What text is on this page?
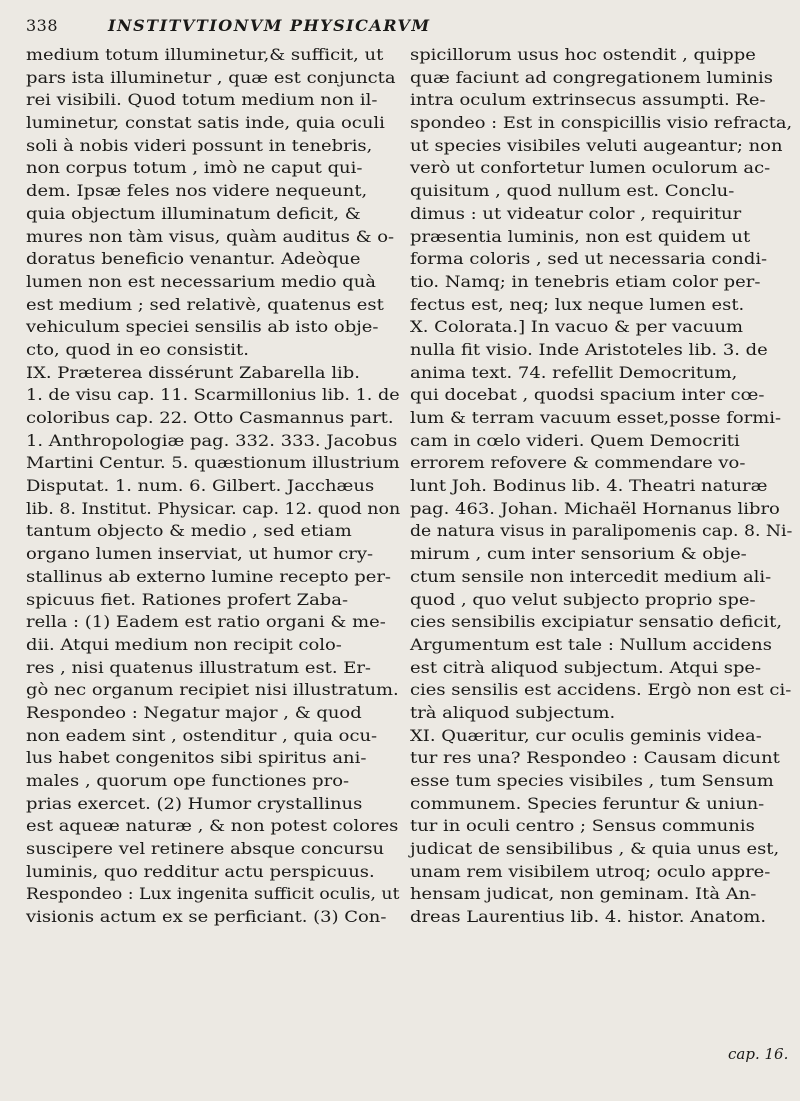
338	INSTITVTIONVM PHYSICARVM
medium totum illuminetur,& sufficit, ut
pars ista illuminetur , quæ est conjuncta
rei visibili. Quod totum medium non il-
luminetur, constat satis inde, quia oculi
soli à nobis videri possunt in tenebris,
non corpus totum , imò ne caput qui-
dem. Ipsæ feles nos videre nequeunt,
quia objectum illuminatum deficit, &
mures non tàm visus, quàm auditus & o-
doratus beneficio venantur. Adeòque
lumen non est necessarium medio quà
est medium ; sed relativè, quatenus est
vehiculum speciei sensilis ab isto obje-
cto, quod in eo consistit.
IX. Præterea dissérunt Zabarella lib.
1. de visu cap. 11. Scarmillonius lib. 1. de
coloribus cap. 22. Otto Casmannus part.
1. Anthropologiæ pag. 332. 333. Jacobus
Martini Centur. 5. quæstionum illustrium
Disputat. 1. num. 6. Gilbert. Jacchæus
lib. 8. Institut. Physicar. cap. 12. quod non
tantum objecto & medio , sed etiam
organo lumen inserviat, ut humor cry-
stallinus ab externo lumine recepto per-
spicuus fiet. Rationes profert Zaba-
rella : (1) Eadem est ratio organi & me-
dii. Atqui medium non recipit colo-
res , nisi quatenus illustratum est. Er-
gò nec organum recipiet nisi illustratum.
Respondeo : Negatur major , & quod
non eadem sint , ostenditur , quia ocu-
lus habet congenitos sibi spiritus ani-
males , quorum ope functiones pro-
prias exercet. (2) Humor crystallinus
est aqueæ naturæ , & non potest colores
suscipere vel retinere absque concursu
luminis, quo redditur actu perspicuus.
Respondeo : Lux ingenita sufficit oculis, ut
visionis actum ex se perficiant. (3) Con-
spicillorum usus hoc ostendit , quippe
quæ faciunt ad congregationem luminis
intra oculum extrinsecus assumpti. Re-
spondeo : Est in conspicillis visio refracta,
ut species visibiles veluti augeantur; non
verò ut confortetur lumen oculorum ac-
quisitum , quod nullum est. Conclu-
dimus : ut videatur color , requiritur
præsentia luminis, non est quidem ut
forma coloris , sed ut necessaria condi-
tio. Namq; in tenebris etiam color per-
fectus est, neq; lux neque lumen est.
X. Colorata.] In vacuo & per vacuum
nulla fit visio. Inde Aristoteles lib. 3. de
anima text. 74. refellit Democritum,
qui docebat , quodsi spacium inter cœ-
lum & terram vacuum esset,posse formi-
cam in cœlo videri. Quem Democriti
errorem refovere & commendare vo-
lunt Joh. Bodinus lib. 4. Theatri naturæ
pag. 463. Johan. Michaël Hornanus libro
de natura visus in paralipomenis cap. 8. Ni-
mirum , cum inter sensorium & obje-
ctum sensile non intercedit medium ali-
quod , quo velut subjecto proprio spe-
cies sensibilis excipiatur sensatio deficit,
Argumentum est tale : Nullum accidens
est citrà aliquod subjectum. Atqui spe-
cies sensilis est accidens. Ergò non est ci-
trà aliquod subjectum.
XI. Quæritur, cur oculis geminis videa-
tur res una? Respondeo : Causam dicunt
esse tum species visibiles , tum Sensum
communem. Species feruntur & uniun-
tur in oculi centro ; Sensus communis
judicat de sensibilibus , & quia unus est,
unam rem visibilem utroq; oculo appre-
hensam judicat, non geminam. Ità An-
dreas Laurentius lib. 4. histor. Anatom.
cap. 16.
